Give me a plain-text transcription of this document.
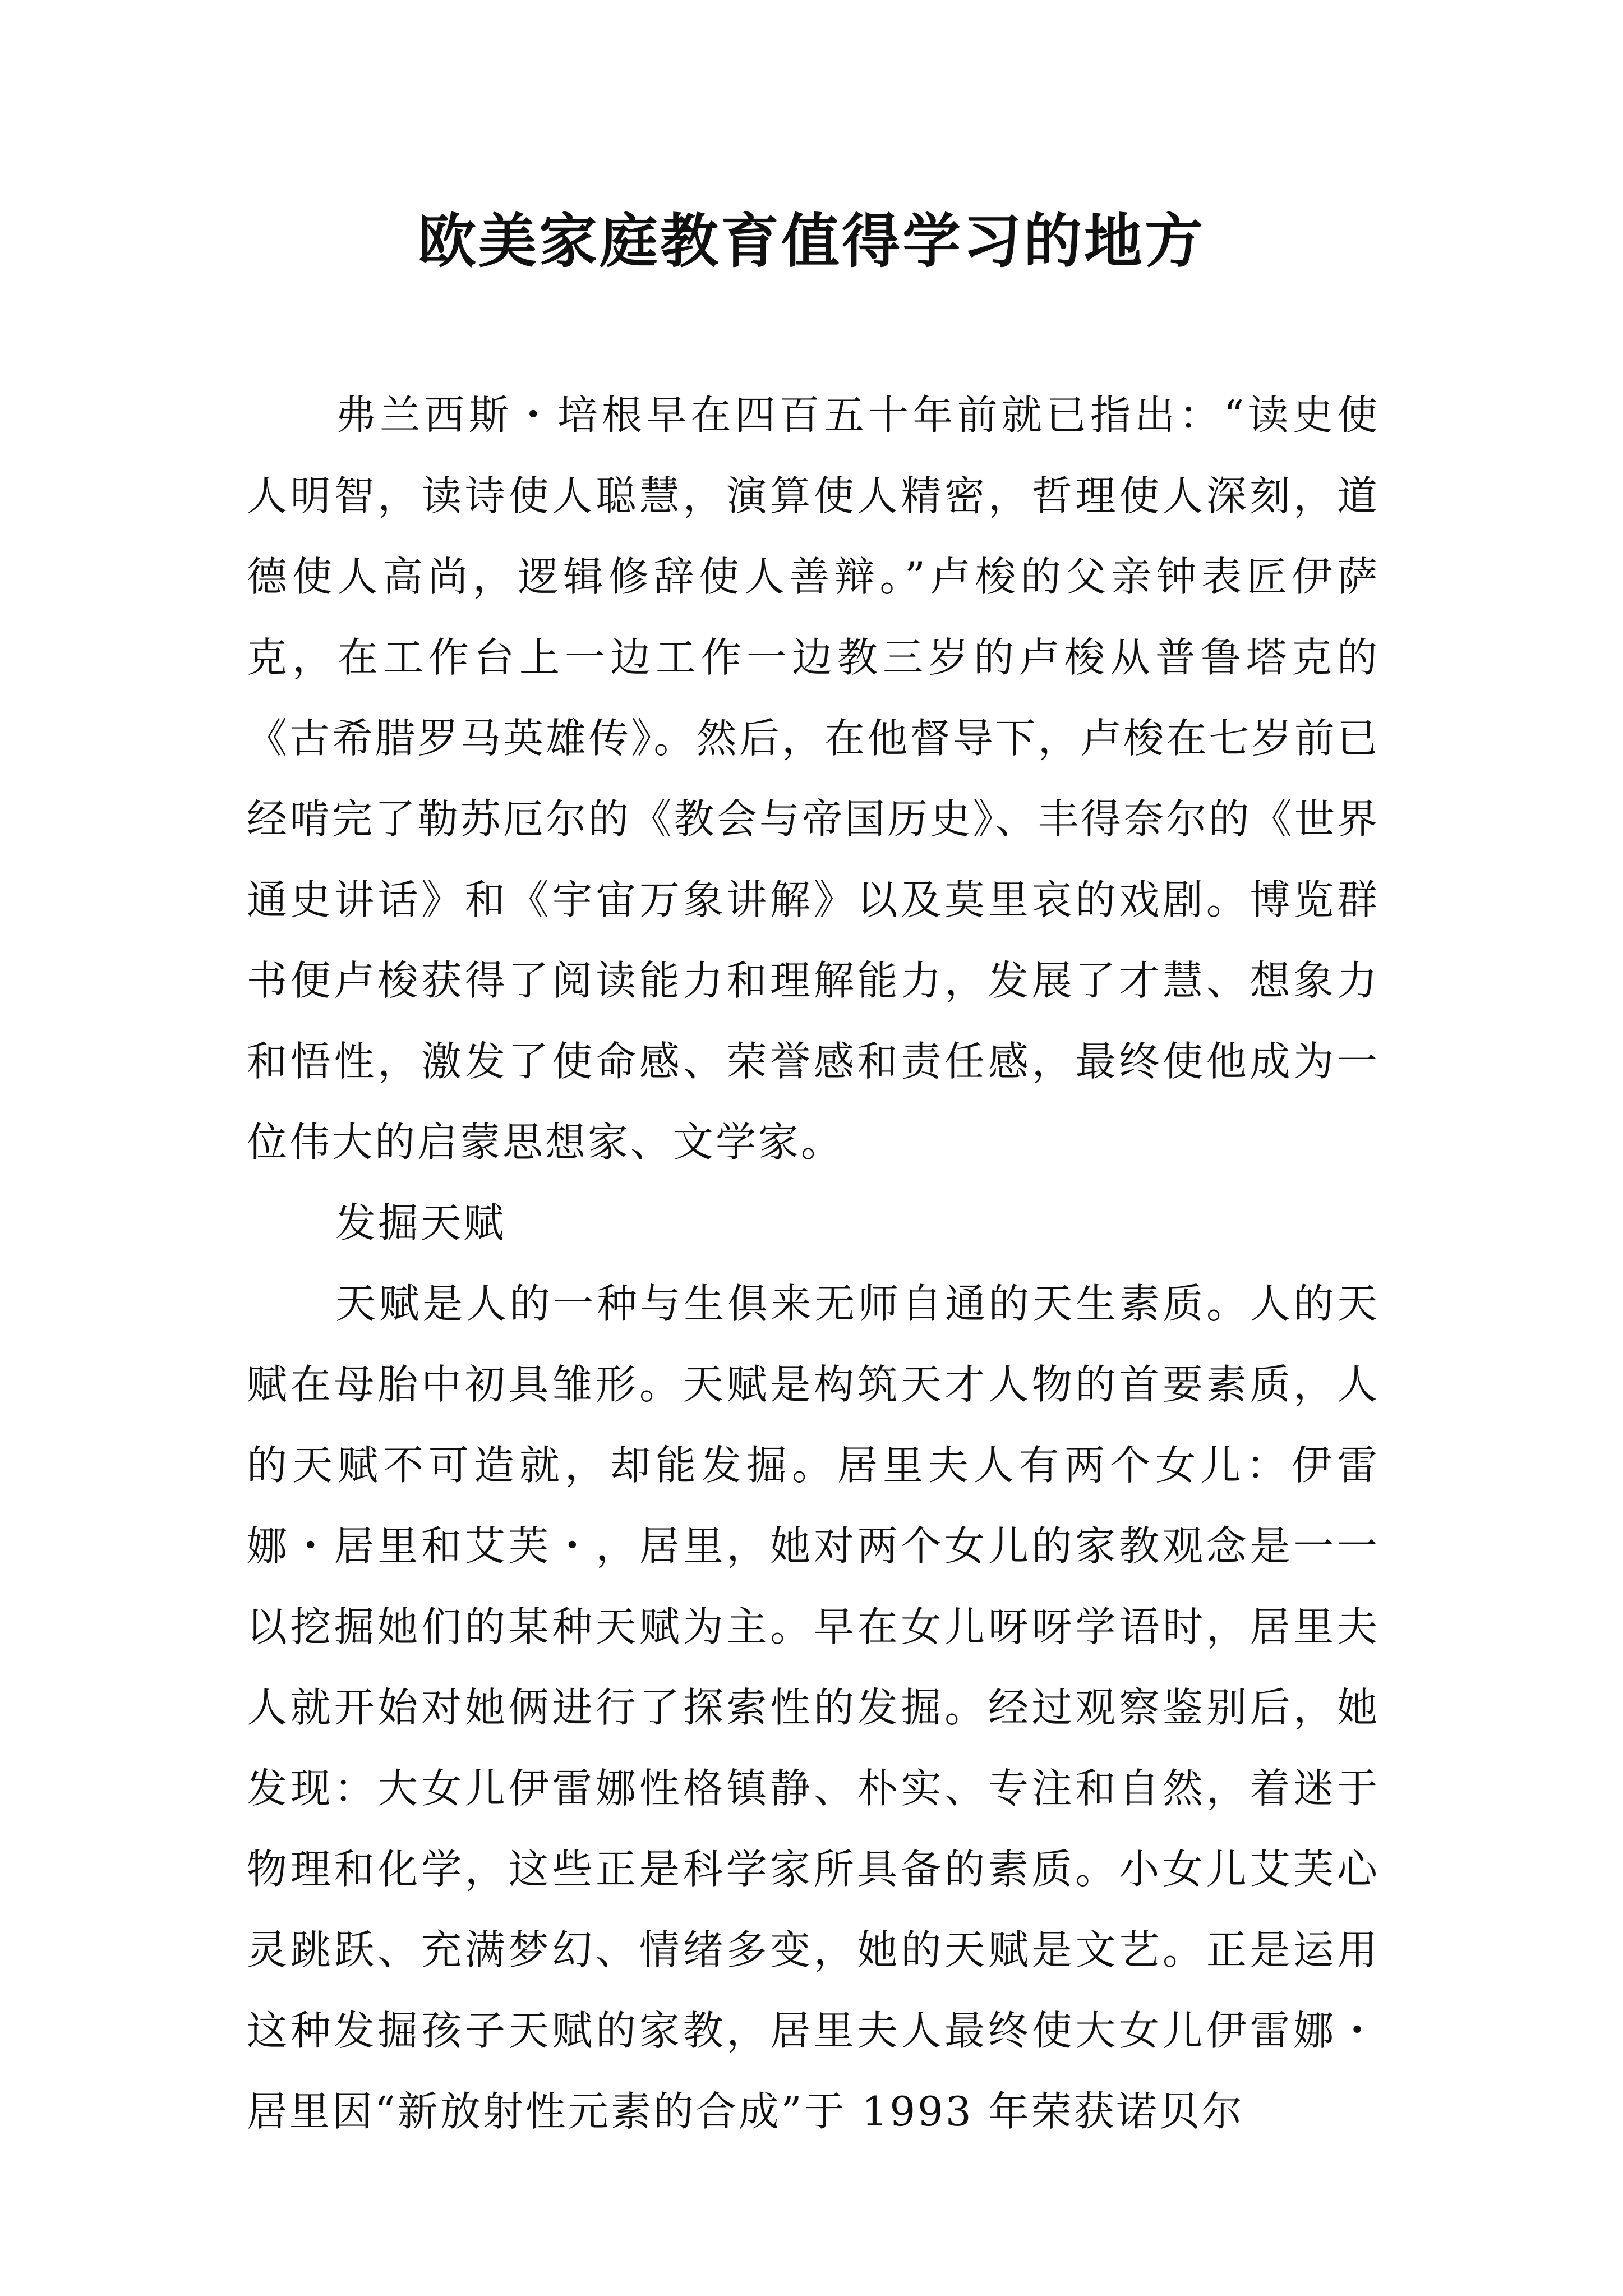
欧美家庭教育值得学习的地方

弗兰西斯・培根早在四百五十年前就已指出：“读史使人明智，读诗使人聪慧，演算使人精密，哲理使人深刻，道德使人高尚，逻辑修辞使人善辩。”卢梭的父亲钟表匠伊萨克，在工作台上一边工作一边教三岁的卢梭从普鲁塔克的《古希腊罗马英雄传》。然后，在他督导下，卢梭在七岁前已经啃完了勒苏厄尔的《教会与帝国历史》、丰得奈尔的《世界通史讲话》和《宇宙万象讲解》以及莫里哀的戏剧。博览群书便卢梭获得了阅读能力和理解能力，发展了才慧、想象力和悟性，激发了使命感、荣誉感和责任感，最终使他成为一位伟大的启蒙思想家、文学家。

发掘天赋

天赋是人的一种与生俱来无师自通的天生素质。人的天赋在母胎中初具雏形。天赋是构筑天才人物的首要素质，人的天赋不可造就，却能发掘。居里夫人有两个女儿：伊雷娜・居里和艾芙・，居里，她对两个女儿的家教观念是一一以挖掘她们的某种天赋为主。早在女儿呀呀学语时，居里夫人就开始对她俩进行了探索性的发掘。经过观察鉴别后，她发现：大女儿伊雷娜性格镇静、朴实、专注和自然，着迷于物理和化学，这些正是科学家所具备的素质。小女儿艾芙心灵跳跃、充满梦幻、情绪多变，她的天赋是文艺。正是运用这种发掘孩子天赋的家教，居里夫人最终使大女儿伊雷娜・居里因“新放射性元素的合成”于 1993 年荣获诺贝尔
